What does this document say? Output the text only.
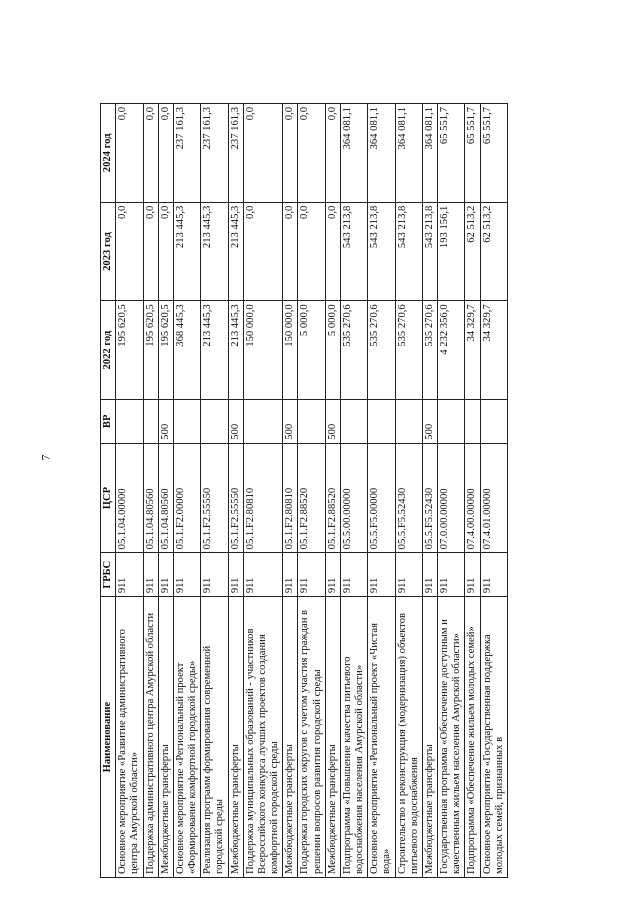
7
Наименование	ГРБС	ЦСР	ВР	2022 год	2023 год	2024 год
Основное мероприятие «Развитие административного центра Амурской области»	911	05.1.04.00000		195 620,5	0,0	0,0
Поддержка административного центра Амурской области	911	05.1.04.80560		195 620,5	0,0	0,0
Межбюджетные трансферты	911	05.1.04.80560	500	195 620,5	0,0	0,0
Основное мероприятие «Региональный проект «Формирование комфортной городской среды»	911	05.1.F2.00000		368 445,3	213 445,3	237 161,3
Реализация программ формирования современной городской среды	911	05.1.F2.55550		213 445,3	213 445,3	237 161,3
Межбюджетные трансферты	911	05.1.F2.55550	500	213 445,3	213 445,3	237 161,3
Поддержка муниципальных образований - участников Всероссийского конкурса лучших проектов создания комфортной городской среды	911	05.1.F2.80810		150 000,0	0,0	0,0
Межбюджетные трансферты	911	05.1.F2.80810	500	150 000,0	0,0	0,0
Поддержка городских округов с учетом участия граждан в решении вопросов развития городской среды	911	05.1.F2.88520		5 000,0	0,0	0,0
Межбюджетные трансферты	911	05.1.F2.88520	500	5 000,0	0,0	0,0
Подпрограмма «Повышение качества питьевого водоснабжения населения Амурской области»	911	05.5.00.00000		535 270,6	543 213,8	364 081,1
Основное мероприятие «Региональный проект «Чистая вода»	911	05.5.F5.00000		535 270,6	543 213,8	364 081,1
Строительство и реконструкция (модернизация) объектов питьевого водоснабжения	911	05.5.F5.52430		535 270,6	543 213,8	364 081,1
Межбюджетные трансферты	911	05.5.F5.52430	500	535 270,6	543 213,8	364 081,1
Государственная программа «Обеспечение доступным и качественным жильем населения Амурской области»	911	07.0.00.00000		4 232 356,0	193 156,1	65 551,7
Подпрограмма «Обеспечение жильем молодых семей»	911	07.4.00.00000		34 329,7	62 513,2	65 551,7
Основное мероприятие «Государственная поддержка молодых семей, признанных в	911	07.4.01.00000		34 329,7	62 513,2	65 551,7
